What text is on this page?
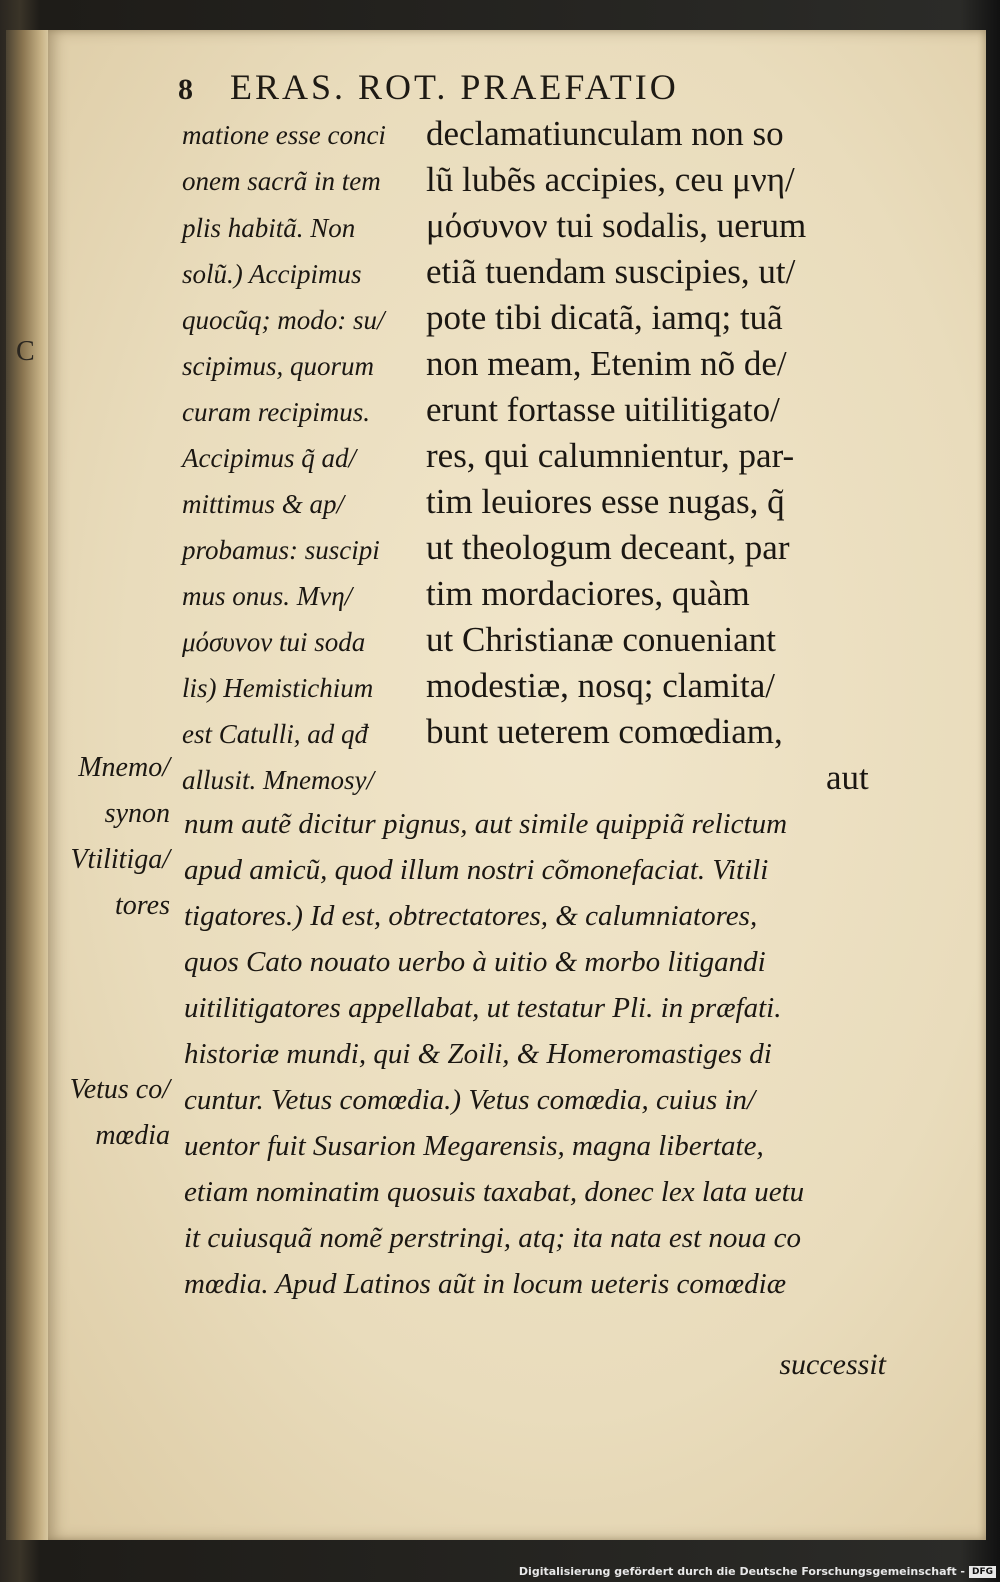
C
8 ERAS. ROT. PRAEFATIO
matione esse conci
onem sacrã in tem
plis habitã. Non
solũ.) Accipimus
quocũq; modo: su/
scipimus, quorum
curam recipimus.
Accipimus q̃ ad/
mittimus & ap/
probamus: suscipi
mus onus. Μνη/
μόσυνον tui soda
lis) Hemistichium
est Catulli, ad qđ
allusit. Mnemosy/
declamatiunculam non so
lũ lubẽs accipies, ceu μνη/
μόσυνον tui sodalis, uerum
etiã tuendam suscipies, ut/
pote tibi dicatã, iamq; tuã
non meam, Etenim nõ de/
erunt fortasse uitilitigato/
res, qui calumnientur, par-
tim leuiores esse nugas, q̃
ut theologum deceant, par
tim mordaciores, quàm
ut Christianæ conueniant
modestiæ, nosq; clamita/
bunt ueterem comœdiam,
aut
num autẽ dicitur pignus, aut simile quippiã relictum
apud amicũ, quod illum nostri cõmonefaciat. Vitili
tigatores.) Id est, obtrectatores, & calumniatores,
quos Cato nouato uerbo à uitio & morbo litigandi
uitilitigatores appellabat, ut testatur Pli. in præfati.
historiæ mundi, qui & Zoili, & Homeromastiges di
cuntur. Vetus comœdia.) Vetus comœdia, cuius in/
uentor fuit Susarion Megarensis, magna libertate,
etiam nominatim quosuis taxabat, donec lex lata uetu
it cuiusquã nomẽ perstringi, atq; ita nata est noua co
mœdia. Apud Latinos aũt in locum ueteris comœdiæ
successit
Mnemo/
synon
Vtilitiga/
tores
Vetus co/
mœdia
Digitalisierung gefördert durch die Deutsche Forschungsgemeinschaft - DFG
